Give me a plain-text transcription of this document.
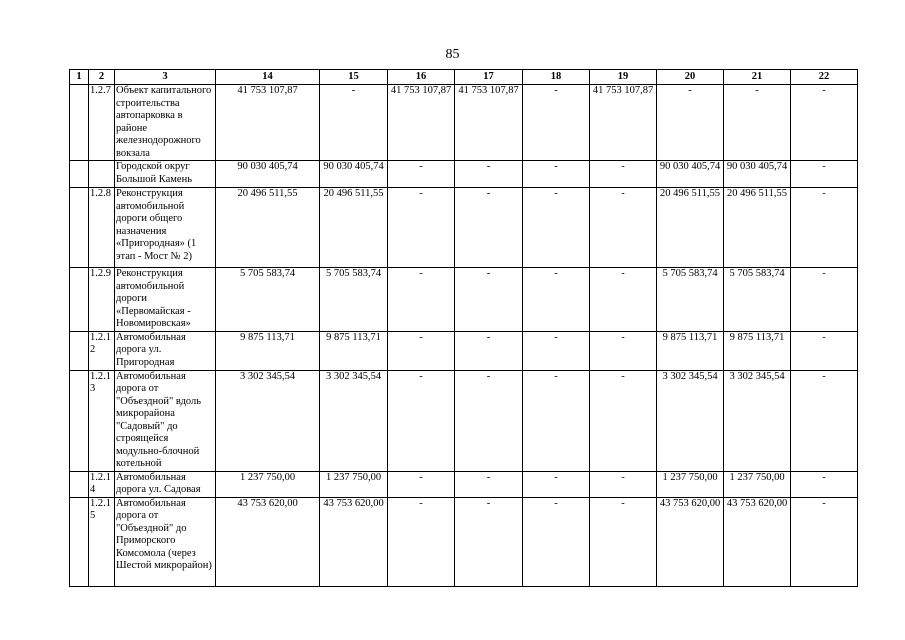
85
1	2	3	14	15	16	17	18	19	20	21	22
	1.2.7	Объект капитального строительства автопарковка в районе железнодорожного вокзала	41 753 107,87	-	41 753 107,87	41 753 107,87	-	41 753 107,87	-	-	-
		Городской округ Большой Камень	90 030 405,74	90 030 405,74	-	-	-	-	90 030 405,74	90 030 405,74	-
	1.2.8	Реконструкция автомобильной дороги общего назначения «Пригородная» (1 этап - Мост № 2)	20 496 511,55	20 496 511,55	-	-	-	-	20 496 511,55	20 496 511,55	-
	1.2.9	Реконструкция автомобильной дороги «Первомайская - Новомировская»	5 705 583,74	5 705 583,74	-	-	-	-	5 705 583,74	5 705 583,74	-
	1.2.12	Автомобильная дорога ул. Пригородная	9 875 113,71	9 875 113,71	-	-	-	-	9 875 113,71	9 875 113,71	-
	1.2.13	Автомобильная дорога от "Объездной" вдоль микрорайона "Садовый" до строящейся модульно-блочной котельной	3 302 345,54	3 302 345,54	-	-	-	-	3 302 345,54	3 302 345,54	-
	1.2.14	Автомобильная дорога ул. Садовая	1 237 750,00	1 237 750,00	-	-	-	-	1 237 750,00	1 237 750,00	-
	1.2.15	Автомобильная дорога от "Объездной" до Приморского Комсомола (через Шестой микрорайон)	43 753 620,00	43 753 620,00	-	-	-	-	43 753 620,00	43 753 620,00	-
